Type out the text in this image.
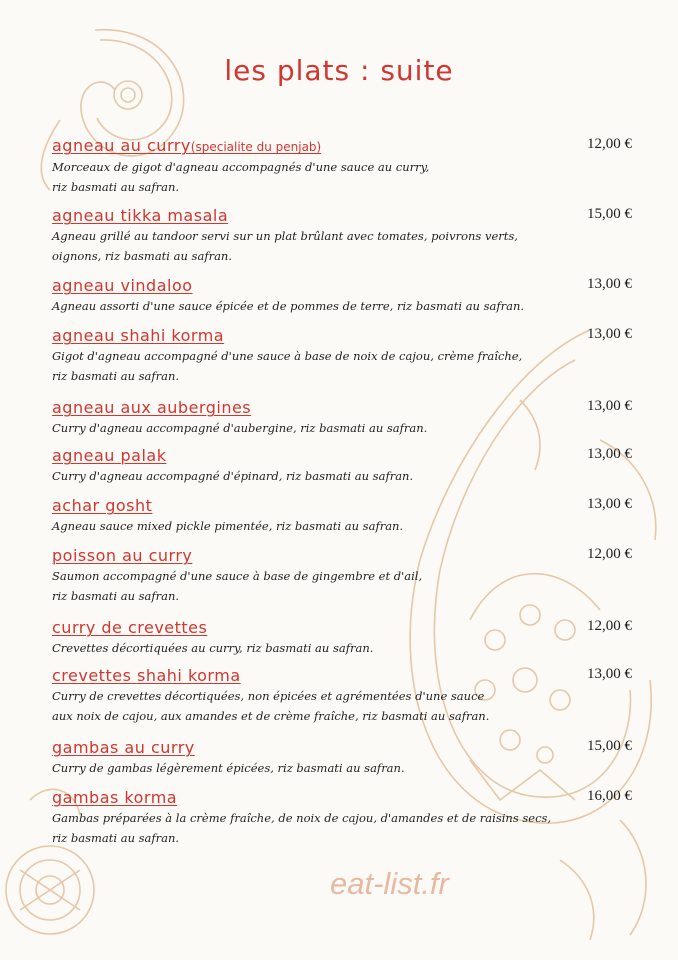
les plats : suite
agneau au curry(specialite du penjab)
Morceaux de gigot d'agneau accompagnés d'une sauce au curry,
riz basmati au safran.
12,00 €
agneau tikka masala
Agneau grillé au tandoor servi sur un plat brûlant avec tomates, poivrons verts,
oignons, riz basmati au safran.
15,00 €
agneau vindaloo
Agneau assorti d'une sauce épicée et de pommes de terre, riz basmati au safran.
13,00 €
agneau shahi korma
Gigot d'agneau accompagné d'une sauce à base de noix de cajou, crème fraîche,
riz basmati au safran.
13,00 €
agneau aux aubergines
Curry d'agneau accompagné d'aubergine, riz basmati au safran.
13,00 €
agneau palak
Curry d'agneau accompagné d'épinard, riz basmati au safran.
13,00 €
achar gosht
Agneau sauce mixed pickle pimentée, riz basmati au safran.
13,00 €
poisson au curry
Saumon accompagné d'une sauce à base de gingembre et d'ail,
riz basmati au safran.
12,00 €
curry de crevettes
Crevettes décortiquées au curry, riz basmati au safran.
12,00 €
crevettes shahi korma
Curry de crevettes décortiquées, non épicées et agrémentées d'une sauce
aux noix de cajou, aux amandes et de crème fraîche, riz basmati au safran.
13,00 €
gambas au curry
Curry de gambas légèrement épicées, riz basmati au safran.
15,00 €
gambas korma
Gambas préparées à la crème fraîche, de noix de cajou, d'amandes et de raisins secs,
riz basmati au safran.
16,00 €
eat-list.fr
